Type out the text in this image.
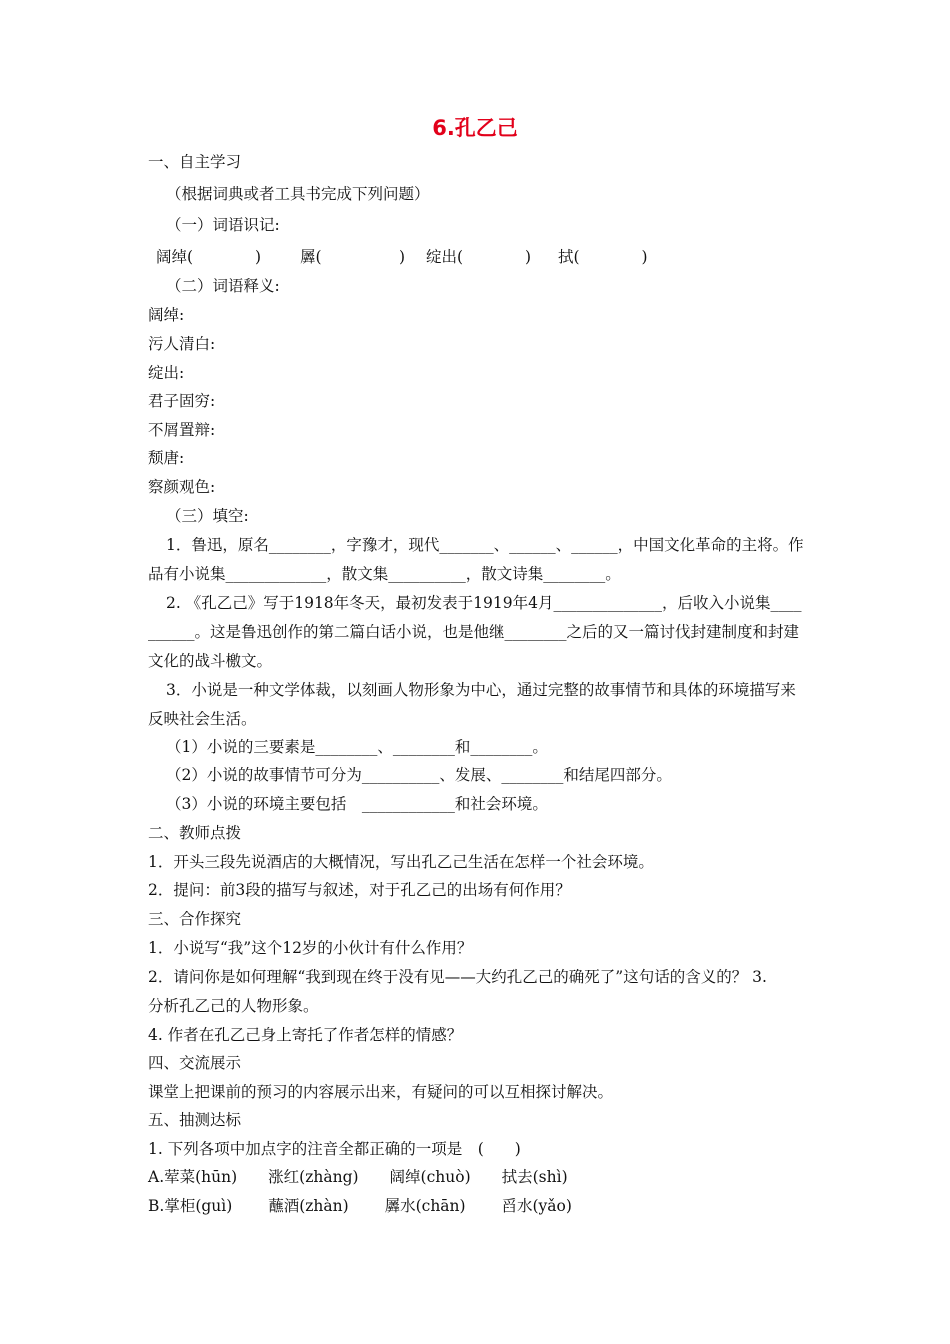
6.孔乙己
一、自主学习
（根据词典或者工具书完成下列问题）
（一）词语识记:
阔绰(　　　　)	羼(　　　　　) 绽出(　　　　) 拭(　　　　)
（二）词语释义:
阔绰:
污人清白:
绽出:
君子固穷:
不屑置辩:
颓唐:
察颜观色:
（三）填空:
1．鲁迅，原名________，字豫才，现代_______、______、______，中国文化革命的主将。作
品有小说集_____________，散文集__________，散文诗集________。
2. 《孔乙己》写于1918年冬天，最初发表于1919年4月______________，后收入小说集____
______。这是鲁迅创作的第二篇白话小说，也是他继________之后的又一篇讨伐封建制度和封建
文化的战斗檄文。
3．小说是一种文学体裁，以刻画人物形象为中心，通过完整的故事情节和具体的环境描写来
反映社会生活。
（1）小说的三要素是________、________和________。
（2）小说的故事情节可分为__________、发展、________和结尾四部分。
（3）小说的环境主要包括　____________和社会环境。
二、教师点拨
1．开头三段先说酒店的大概情况，写出孔乙己生活在怎样一个社会环境。
2．提问：前3段的描写与叙述，对于孔乙己的出场有何作用？
三、合作探究
1．小说写“我”这个12岁的小伙计有什么作用？
2．请问你是如何理解“我到现在终于没有见——大约孔乙己的确死了”这句话的含义的？ 3.
分析孔乙己的人物形象。
4. 作者在孔乙己身上寄托了作者怎样的情感？
四、交流展示
课堂上把课前的预习的内容展示出来，有疑问的可以互相探讨解决。
五、抽测达标
1. 下列各项中加点字的注音全都正确的一项是　(　　)
A.荤菜(hūn)　　涨红(zhàng)　　阔绰(chuò)　　拭去(shì)
B.掌柜(guì)　　 蘸酒(zhàn)　　 羼水(chān)　　 舀水(yǎo)
